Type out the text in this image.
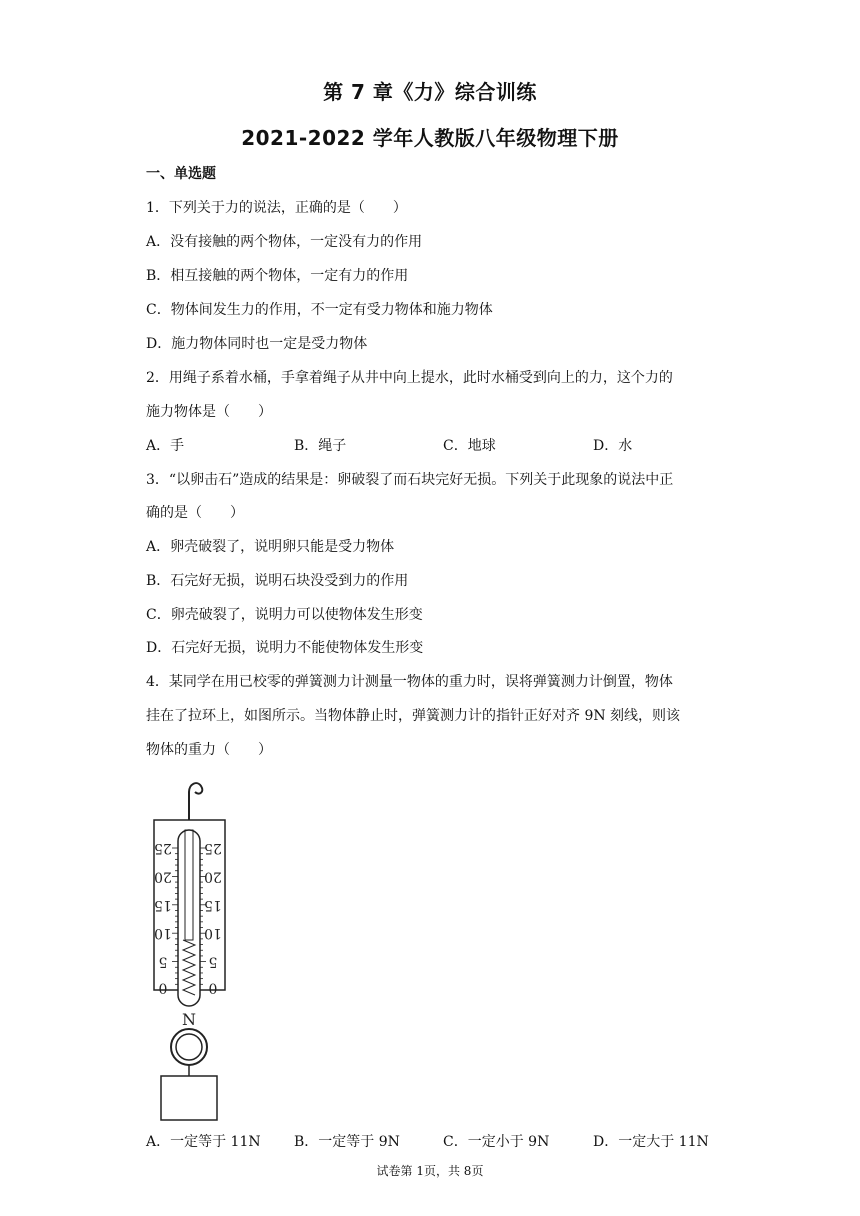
第 7 章《力》综合训练
2021-2022 学年人教版八年级物理下册
一、单选题
1．下列关于力的说法，正确的是（　　）
A．没有接触的两个物体，一定没有力的作用
B．相互接触的两个物体，一定有力的作用
C．物体间发生力的作用，不一定有受力物体和施力物体
D．施力物体同时也一定是受力物体
2．用绳子系着水桶，手拿着绳子从井中向上提水，此时水桶受到向上的力，这个力的
施力物体是（　　）
A．手	B．绳子	C．地球	D．水
3．“以卵击石”造成的结果是：卵破裂了而石块完好无损。下列关于此现象的说法中正
确的是（　　）
A．卵壳破裂了，说明卵只能是受力物体
B．石完好无损，说明石块没受到力的作用
C．卵壳破裂了，说明力可以使物体发生形变
D．石完好无损，说明力不能使物体发生形变
4．某同学在用已校零的弹簧测力计测量一物体的重力时，误将弹簧测力计倒置，物体
挂在了拉环上，如图所示。当物体静止时，弹簧测力计的指针正好对齐 9N 刻线，则该
物体的重力（　　）
25
20
15
10
5
0
25
20
15
10
5
0
N
A．一定等于 11N B．一定等于 9N	C．一定小于 9N	D．一定大于 11N
试卷第 1页，共 8页
